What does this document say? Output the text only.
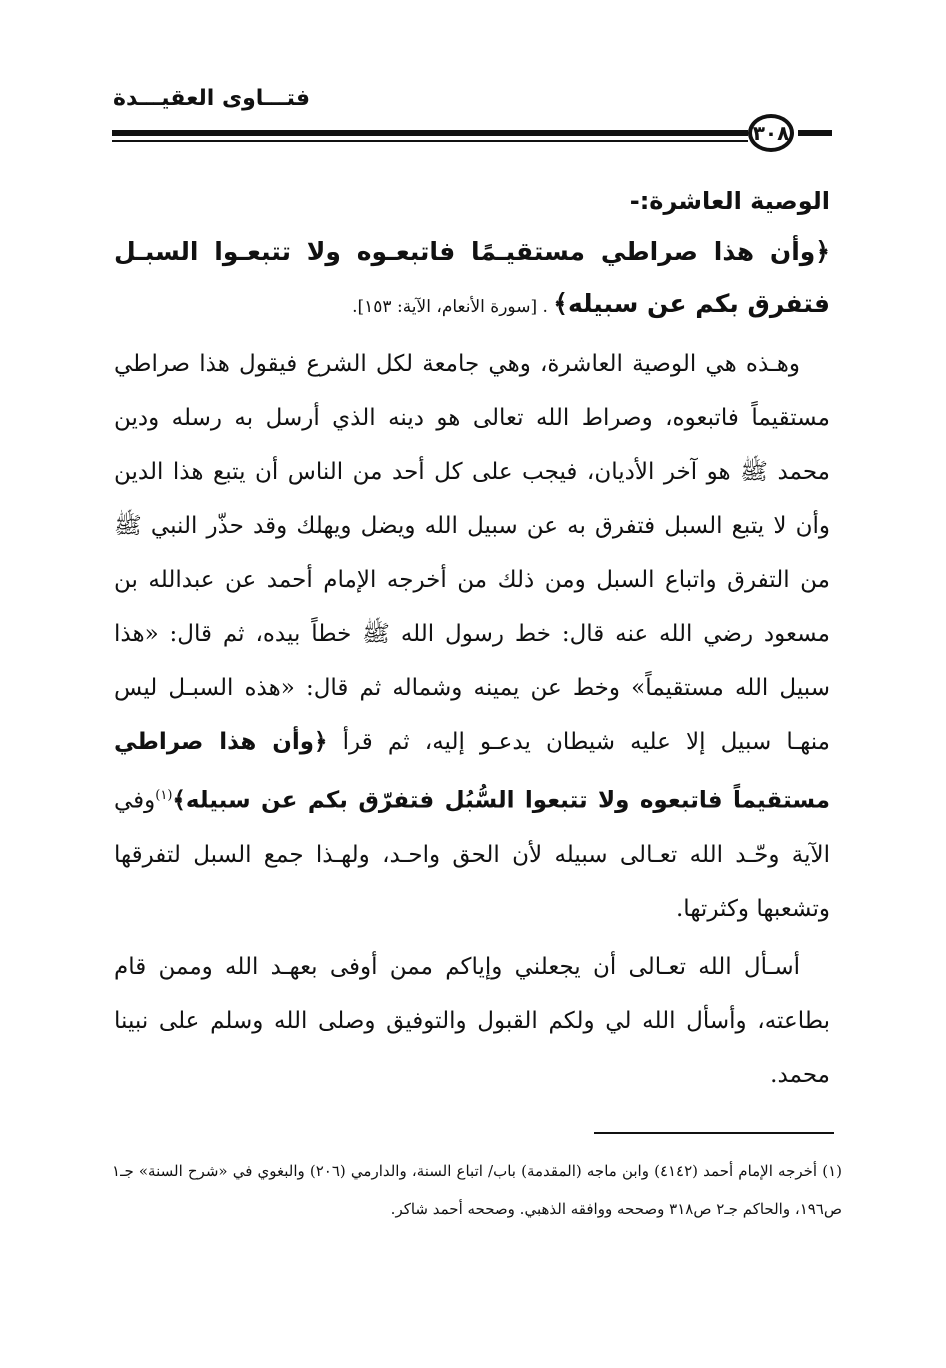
فتـــاوى العقيـــدة
٣٠٨

الوصية العاشرة:-

﴿وأن هذا صراطي مستقيـمًا فاتبعـوه ولا تتبعـوا السبـل فتفرق بكم عن سبيله﴾ . [سورة الأنعام، الآية: ١٥٣].

وهـذه هي الوصية العاشرة، وهي جامعة لكل الشرع فيقول هذا صراطي مستقيماً فاتبعوه، وصراط الله تعالى هو دينه الذي أرسل به رسله ودين محمد ﷺ هو آخر الأديان، فيجب على كل أحد من الناس أن يتبع هذا الدين وأن لا يتبع السبل فتفرق به عن سبيل الله ويضل ويهلك وقد حذّر النبي ﷺ من التفرق واتباع السبل ومن ذلك من أخرجه الإمام أحمد عن عبدالله بن مسعود رضي الله عنه قال: خط رسول الله ﷺ خطاً بيده، ثم قال: «هذا سبيل الله مستقيماً» وخط عن يمينه وشماله ثم قال: «هذه السبـل ليس منهـا سبيل إلا عليه شيطان يدعـو إليه، ثم قرأ ﴿وأن هذا صراطي مستقيماً فاتبعوه ولا تتبعوا السُّبُل فتفرّق بكم عن سبيله﴾$^{(١)}$وفي الآية وحّـد الله تعـالى سبيله لأن الحق واحـد، ولهـذا جمع السبل لتفرقها وتشعبها وكثرتها.

أسـأل الله تعـالى أن يجعلني وإياكم ممن أوفى بعهـد الله وممن قام بطاعته، وأسأل الله لي ولكم القبول والتوفيق وصلى الله وسلم على نبينا محمد.

(١) أخرجه الإمام أحمد (٤١٤٢) وابن ماجه (المقدمة) باب/ اتباع السنة، والدارمي (٢٠٦) والبغوي في «شرح السنة» جـ١ ص١٩٦، والحاكم جـ٢ ص٣١٨ وصححه ووافقه الذهبي. وصححه أحمد شاكر.
